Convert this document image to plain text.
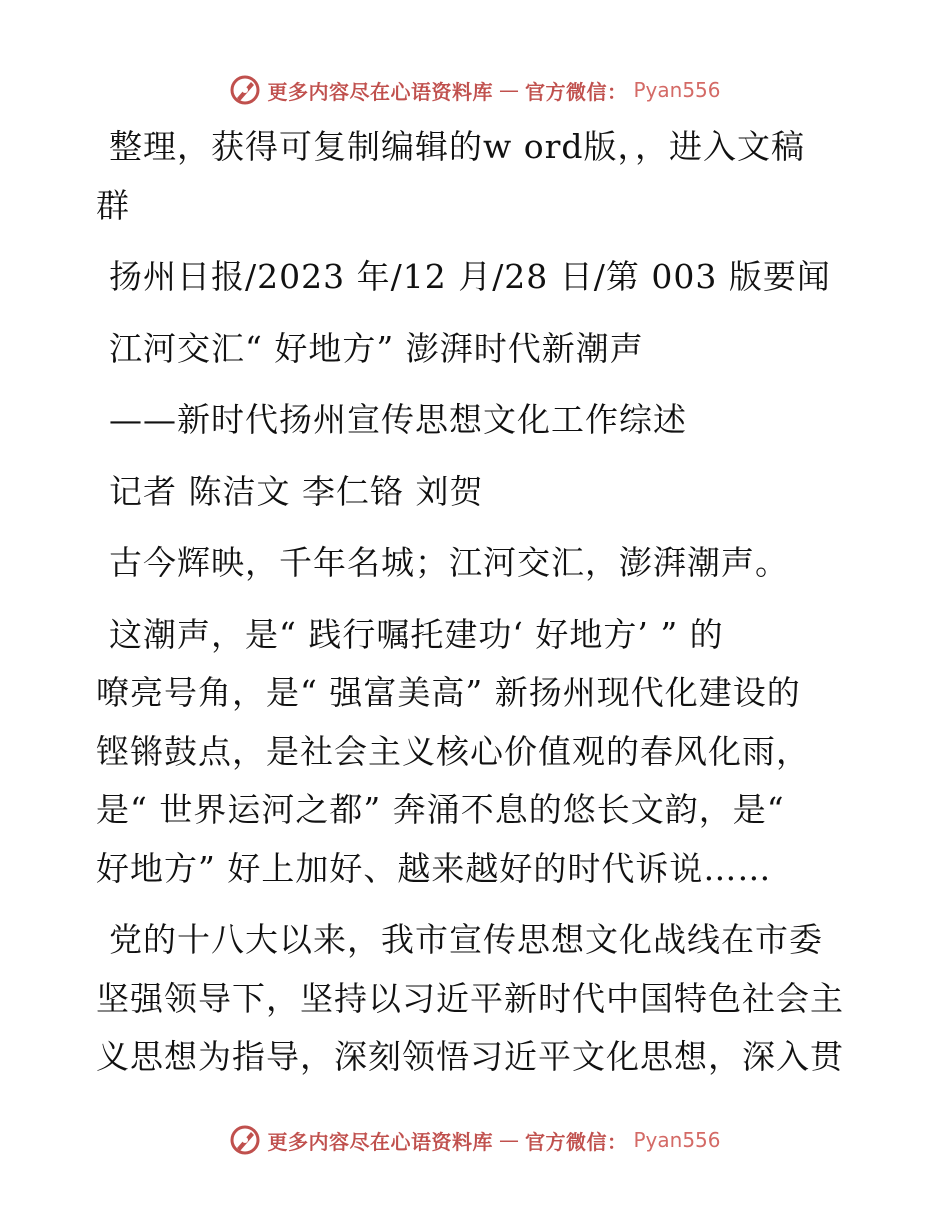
更多内容尽在心语资料库 — 官方微信： Pyan556
整理，获得可复制编辑的w ord版，，进入文稿
群
扬州日报/2023 年/12 月/28 日/第 003 版要闻
江河交汇“ 好地方” 澎湃时代新潮声
——新时代扬州宣传思想文化工作综述
记者 陈洁文 李仁铬 刘贺
古今辉映，千年名城；江河交汇，澎湃潮声。
这潮声，是“ 践行嘱托建功‘ 好地方’ ” 的
嘹亮号角，是“ 强富美高” 新扬州现代化建设的
铿锵鼓点，是社会主义核心价值观的春风化雨，
是“ 世界运河之都” 奔涌不息的悠长文韵，是“
好地方” 好上加好、越来越好的时代诉说……
党的十八大以来，我市宣传思想文化战线在市委
坚强领导下，坚持以习近平新时代中国特色社会主
义思想为指导，深刻领悟习近平文化思想，深入贯
更多内容尽在心语资料库 — 官方微信： Pyan556
